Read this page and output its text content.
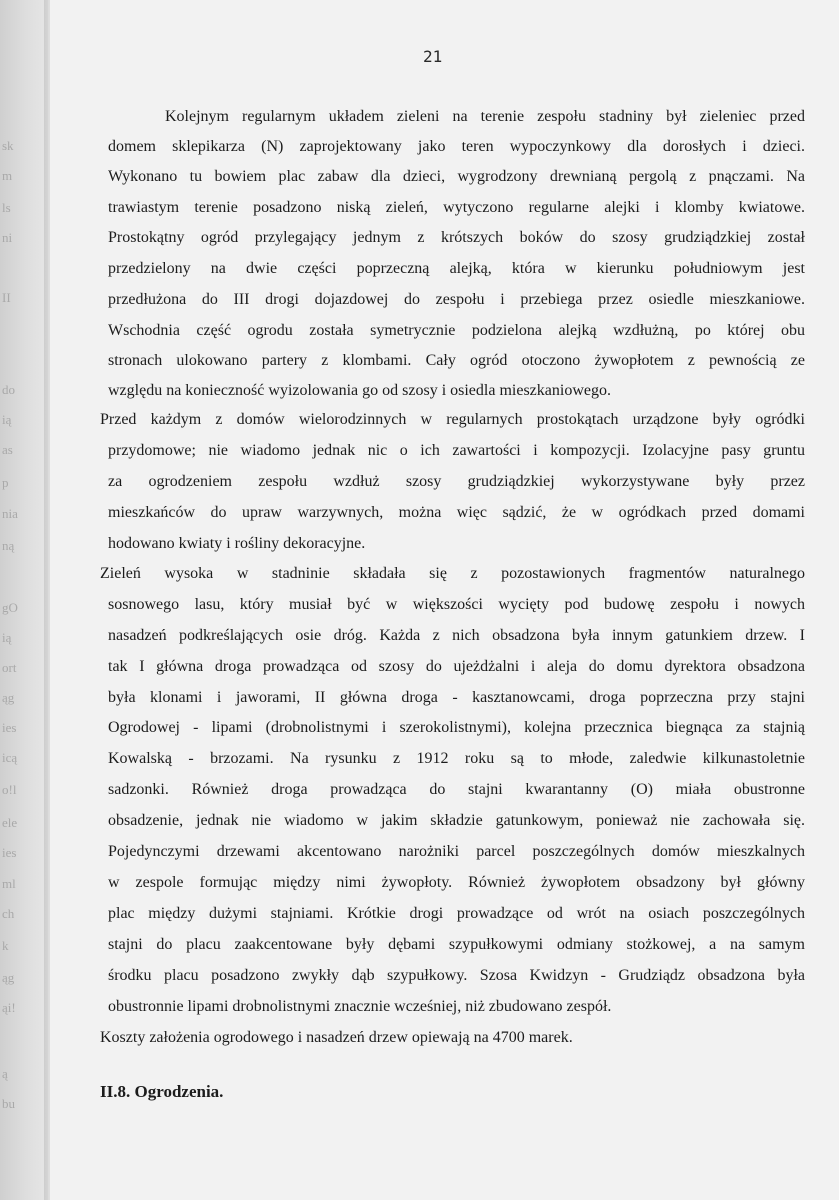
sk
m
ls
ni
II
do
ią
as
p
nia
ną
gO
ią
ort
ąg
ies
icą
o!l
ele
ies
ml
ch
k
ąg
ąi!
ą
bu
21
Kolejnym regularnym układem zieleni na terenie zespołu stadniny był zieleniec przed
domem sklepikarza (N) zaprojektowany jako teren wypoczynkowy dla dorosłych i dzieci.
Wykonano tu bowiem plac zabaw dla dzieci, wygrodzony drewnianą pergolą z pnączami. Na
trawiastym terenie posadzono niską zieleń, wytyczono regularne alejki i klomby kwiatowe.
Prostokątny ogród przylegający jednym z krótszych boków do szosy grudziądzkiej został
przedzielony na dwie części poprzeczną alejką, która w kierunku południowym jest
przedłużona do III drogi dojazdowej do zespołu i przebiega przez osiedle mieszkaniowe.
Wschodnia część ogrodu została symetrycznie podzielona alejką wzdłużną, po której obu
stronach ulokowano partery z klombami. Cały ogród otoczono żywopłotem z pewnością ze
względu na konieczność wyizolowania go od szosy i osiedla mieszkaniowego.
Przed każdym z domów wielorodzinnych w regularnych prostokątach urządzone były ogródki
przydomowe; nie wiadomo jednak nic o ich zawartości i kompozycji. Izolacyjne pasy gruntu
za ogrodzeniem zespołu wzdłuż szosy grudziądzkiej wykorzystywane były przez
mieszkańców do upraw warzywnych, można więc sądzić, że w ogródkach przed domami
hodowano kwiaty i rośliny dekoracyjne.
Zieleń wysoka w stadninie składała się z pozostawionych fragmentów naturalnego
sosnowego lasu, który musiał być w większości wycięty pod budowę zespołu i nowych
nasadzeń podkreślających osie dróg. Każda z nich obsadzona była innym gatunkiem drzew. I
tak I główna droga prowadząca od szosy do ujeżdżalni i aleja do domu dyrektora obsadzona
była klonami i jaworami, II główna droga - kasztanowcami, droga poprzeczna przy stajni
Ogrodowej - lipami (drobnolistnymi i szerokolistnymi), kolejna przecznica biegnąca za stajnią
Kowalską - brzozami. Na rysunku z 1912 roku są to młode, zaledwie kilkunastoletnie
sadzonki. Również droga prowadząca do stajni kwarantanny (O) miała obustronne
obsadzenie, jednak nie wiadomo w jakim składzie gatunkowym, ponieważ nie zachowała się.
Pojedynczymi drzewami akcentowano narożniki parcel poszczególnych domów mieszkalnych
w zespole formując między nimi żywopłoty. Również żywopłotem obsadzony był główny
plac między dużymi stajniami. Krótkie drogi prowadzące od wrót na osiach poszczególnych
stajni do placu zaakcentowane były dębami szypułkowymi odmiany stożkowej, a na samym
środku placu posadzono zwykły dąb szypułkowy. Szosa Kwidzyn - Grudziądz obsadzona była
obustronnie lipami drobnolistnymi znacznie wcześniej, niż zbudowano zespół.
Koszty założenia ogrodowego i nasadzeń drzew opiewają na 4700 marek.
II.8. Ogrodzenia.
